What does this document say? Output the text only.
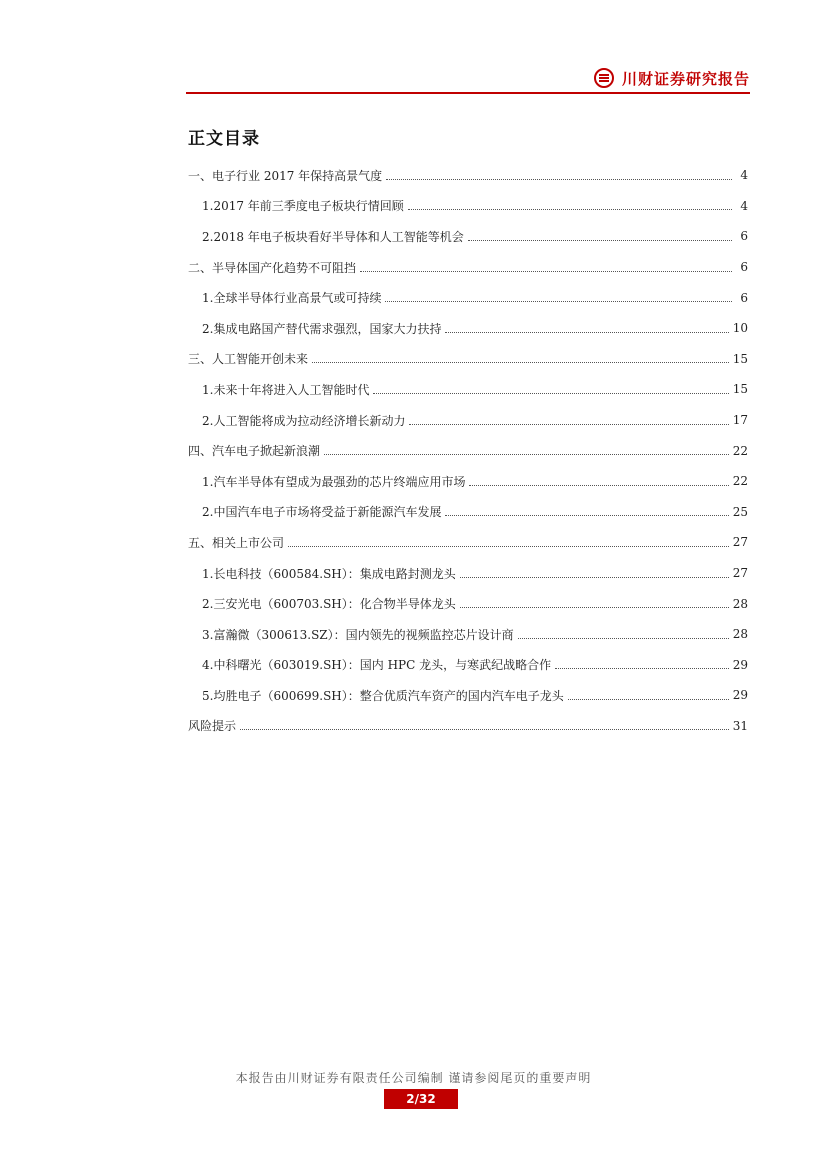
川财证券研究报告
正文目录
一、电子行业 2017 年保持高景气度	4
1.2017 年前三季度电子板块行情回顾	4
2.2018 年电子板块看好半导体和人工智能等机会	6
二、半导体国产化趋势不可阻挡	6
1.全球半导体行业高景气或可持续	6
2.集成电路国产替代需求强烈，国家大力扶持	10
三、人工智能开创未来	15
1.未来十年将进入人工智能时代	15
2.人工智能将成为拉动经济增长新动力	17
四、汽车电子掀起新浪潮	22
1.汽车半导体有望成为最强劲的芯片终端应用市场	22
2.中国汽车电子市场将受益于新能源汽车发展	25
五、相关上市公司	27
1.长电科技（600584.SH）：集成电路封测龙头	27
2.三安光电（600703.SH）：化合物半导体龙头	28
3.富瀚微（300613.SZ）：国内领先的视频监控芯片设计商	28
4.中科曙光（603019.SH）：国内 HPC 龙头，与寒武纪战略合作	29
5.均胜电子（600699.SH）：整合优质汽车资产的国内汽车电子龙头	29
风险提示	31
本报告由川财证券有限责任公司编制 谨请参阅尾页的重要声明
2/32
